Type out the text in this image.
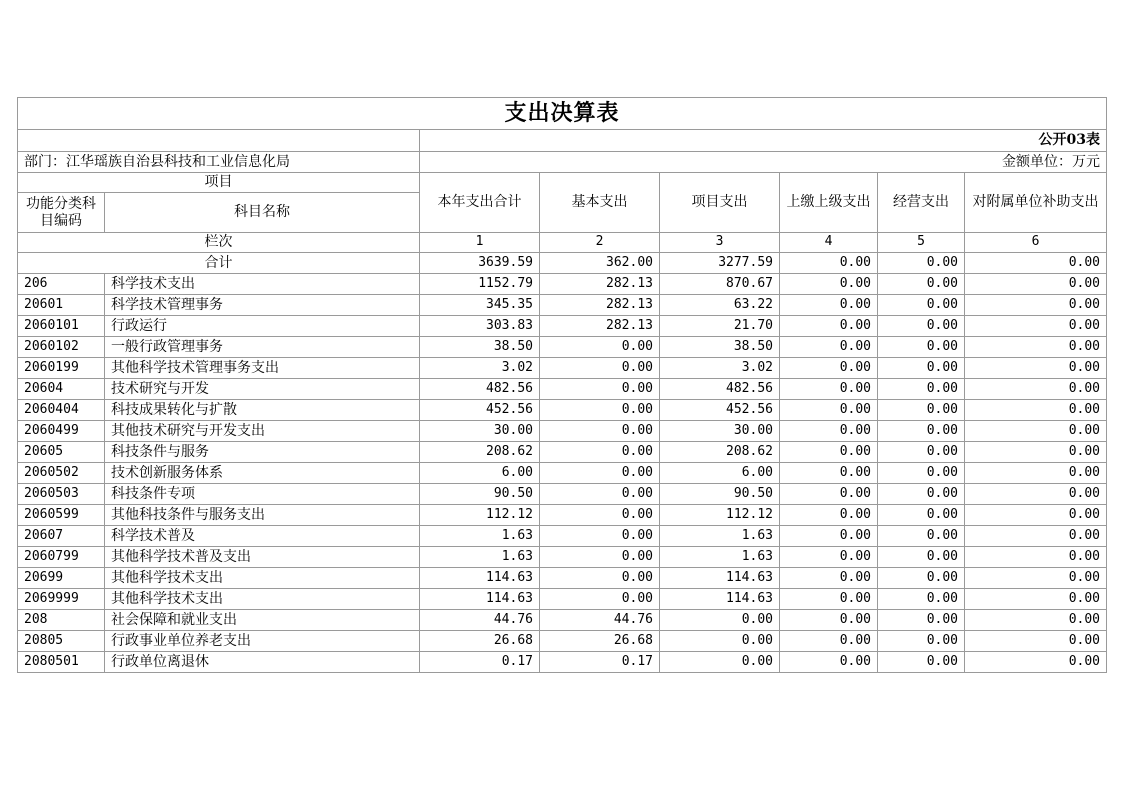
支出决算表							
		公开03表					
部门：江华瑶族自治县科技和工业信息化局		金额单位：万元					
项目		本年支出合计	基本支出	项目支出	上缴上级支出	经营支出	对附属单位补助支出
功能分类科目编码	科目名称						
栏次		1	2	3	4	5	6
合计		3639.59	362.00	3277.59	0.00	0.00	0.00
206	科学技术支出	1152.79	282.13	870.67	0.00	0.00	0.00
20601	科学技术管理事务	345.35	282.13	63.22	0.00	0.00	0.00
2060101	行政运行	303.83	282.13	21.70	0.00	0.00	0.00
2060102	一般行政管理事务	38.50	0.00	38.50	0.00	0.00	0.00
2060199	其他科学技术管理事务支出	3.02	0.00	3.02	0.00	0.00	0.00
20604	技术研究与开发	482.56	0.00	482.56	0.00	0.00	0.00
2060404	科技成果转化与扩散	452.56	0.00	452.56	0.00	0.00	0.00
2060499	其他技术研究与开发支出	30.00	0.00	30.00	0.00	0.00	0.00
20605	科技条件与服务	208.62	0.00	208.62	0.00	0.00	0.00
2060502	技术创新服务体系	6.00	0.00	6.00	0.00	0.00	0.00
2060503	科技条件专项	90.50	0.00	90.50	0.00	0.00	0.00
2060599	其他科技条件与服务支出	112.12	0.00	112.12	0.00	0.00	0.00
20607	科学技术普及	1.63	0.00	1.63	0.00	0.00	0.00
2060799	其他科学技术普及支出	1.63	0.00	1.63	0.00	0.00	0.00
20699	其他科学技术支出	114.63	0.00	114.63	0.00	0.00	0.00
2069999	其他科学技术支出	114.63	0.00	114.63	0.00	0.00	0.00
208	社会保障和就业支出	44.76	44.76	0.00	0.00	0.00	0.00
20805	行政事业单位养老支出	26.68	26.68	0.00	0.00	0.00	0.00
2080501	行政单位离退休	0.17	0.17	0.00	0.00	0.00	0.00
